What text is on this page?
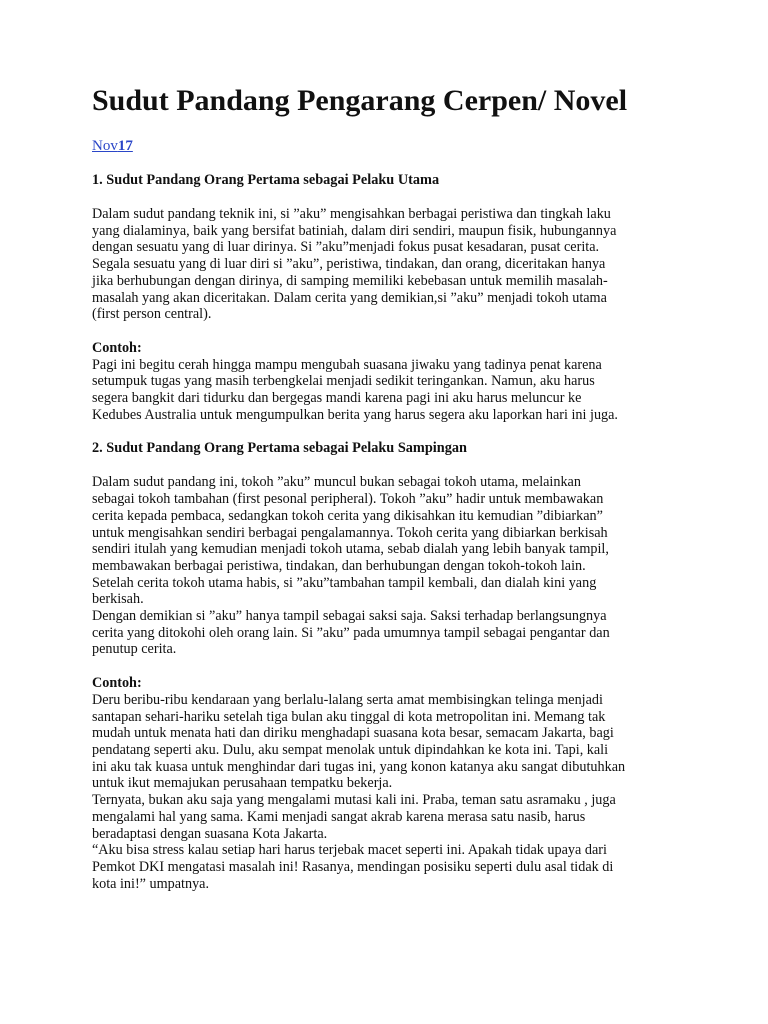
Sudut Pandang Pengarang Cerpen/ Novel
Nov17

1. Sudut Pandang Orang Pertama sebagai Pelaku Utama

Dalam sudut pandang teknik ini, si ”aku” mengisahkan berbagai peristiwa dan tingkah laku
yang dialaminya, baik yang bersifat batiniah, dalam diri sendiri, maupun fisik, hubungannya
dengan sesuatu yang di luar dirinya. Si ”aku”menjadi fokus pusat kesadaran, pusat cerita.
Segala sesuatu yang di luar diri si ”aku”, peristiwa, tindakan, dan orang, diceritakan hanya
jika berhubungan dengan dirinya, di samping memiliki kebebasan untuk memilih masalah-
masalah yang akan diceritakan. Dalam cerita yang demikian,si ”aku” menjadi tokoh utama
(first person central).
Contoh:
Pagi ini begitu cerah hingga mampu mengubah suasana jiwaku yang tadinya penat karena
setumpuk tugas yang masih terbengkelai menjadi sedikit teringankan. Namun, aku harus
segera bangkit dari tidurku dan bergegas mandi karena pagi ini aku harus meluncur ke
Kedubes Australia untuk mengumpulkan berita yang harus segera aku laporkan hari ini juga.

2. Sudut Pandang Orang Pertama sebagai Pelaku Sampingan

Dalam sudut pandang ini, tokoh ”aku” muncul bukan sebagai tokoh utama, melainkan
sebagai tokoh tambahan (first pesonal peripheral). Tokoh ”aku” hadir untuk membawakan
cerita kepada pembaca, sedangkan tokoh cerita yang dikisahkan itu kemudian ”dibiarkan”
untuk mengisahkan sendiri berbagai pengalamannya. Tokoh cerita yang dibiarkan berkisah
sendiri itulah yang kemudian menjadi tokoh utama, sebab dialah yang lebih banyak tampil,
membawakan berbagai peristiwa, tindakan, dan berhubungan dengan tokoh-tokoh lain.
Setelah cerita tokoh utama habis, si ”aku”tambahan tampil kembali, dan dialah kini yang
berkisah.
Dengan demikian si ”aku” hanya tampil sebagai saksi saja. Saksi terhadap berlangsungnya
cerita yang ditokohi oleh orang lain. Si ”aku” pada umumnya tampil sebagai pengantar dan
penutup cerita.
Contoh:
Deru beribu-ribu kendaraan yang berlalu-lalang serta amat membisingkan telinga menjadi
santapan sehari-hariku setelah tiga bulan aku tinggal di kota metropolitan ini. Memang tak
mudah untuk menata hati dan diriku menghadapi suasana kota besar, semacam Jakarta, bagi
pendatang seperti aku. Dulu, aku sempat menolak untuk dipindahkan ke kota ini. Tapi, kali
ini aku tak kuasa untuk menghindar dari tugas ini, yang konon katanya aku sangat dibutuhkan
untuk ikut memajukan perusahaan tempatku bekerja.
Ternyata, bukan aku saja yang mengalami mutasi kali ini. Praba, teman satu asramaku , juga
mengalami hal yang sama. Kami menjadi sangat akrab karena merasa satu nasib, harus
beradaptasi dengan suasana Kota Jakarta.
“Aku bisa stress kalau setiap hari harus terjebak macet seperti ini. Apakah tidak upaya dari
Pemkot DKI mengatasi masalah ini! Rasanya, mendingan posisiku seperti dulu asal tidak di
kota ini!” umpatnya.
